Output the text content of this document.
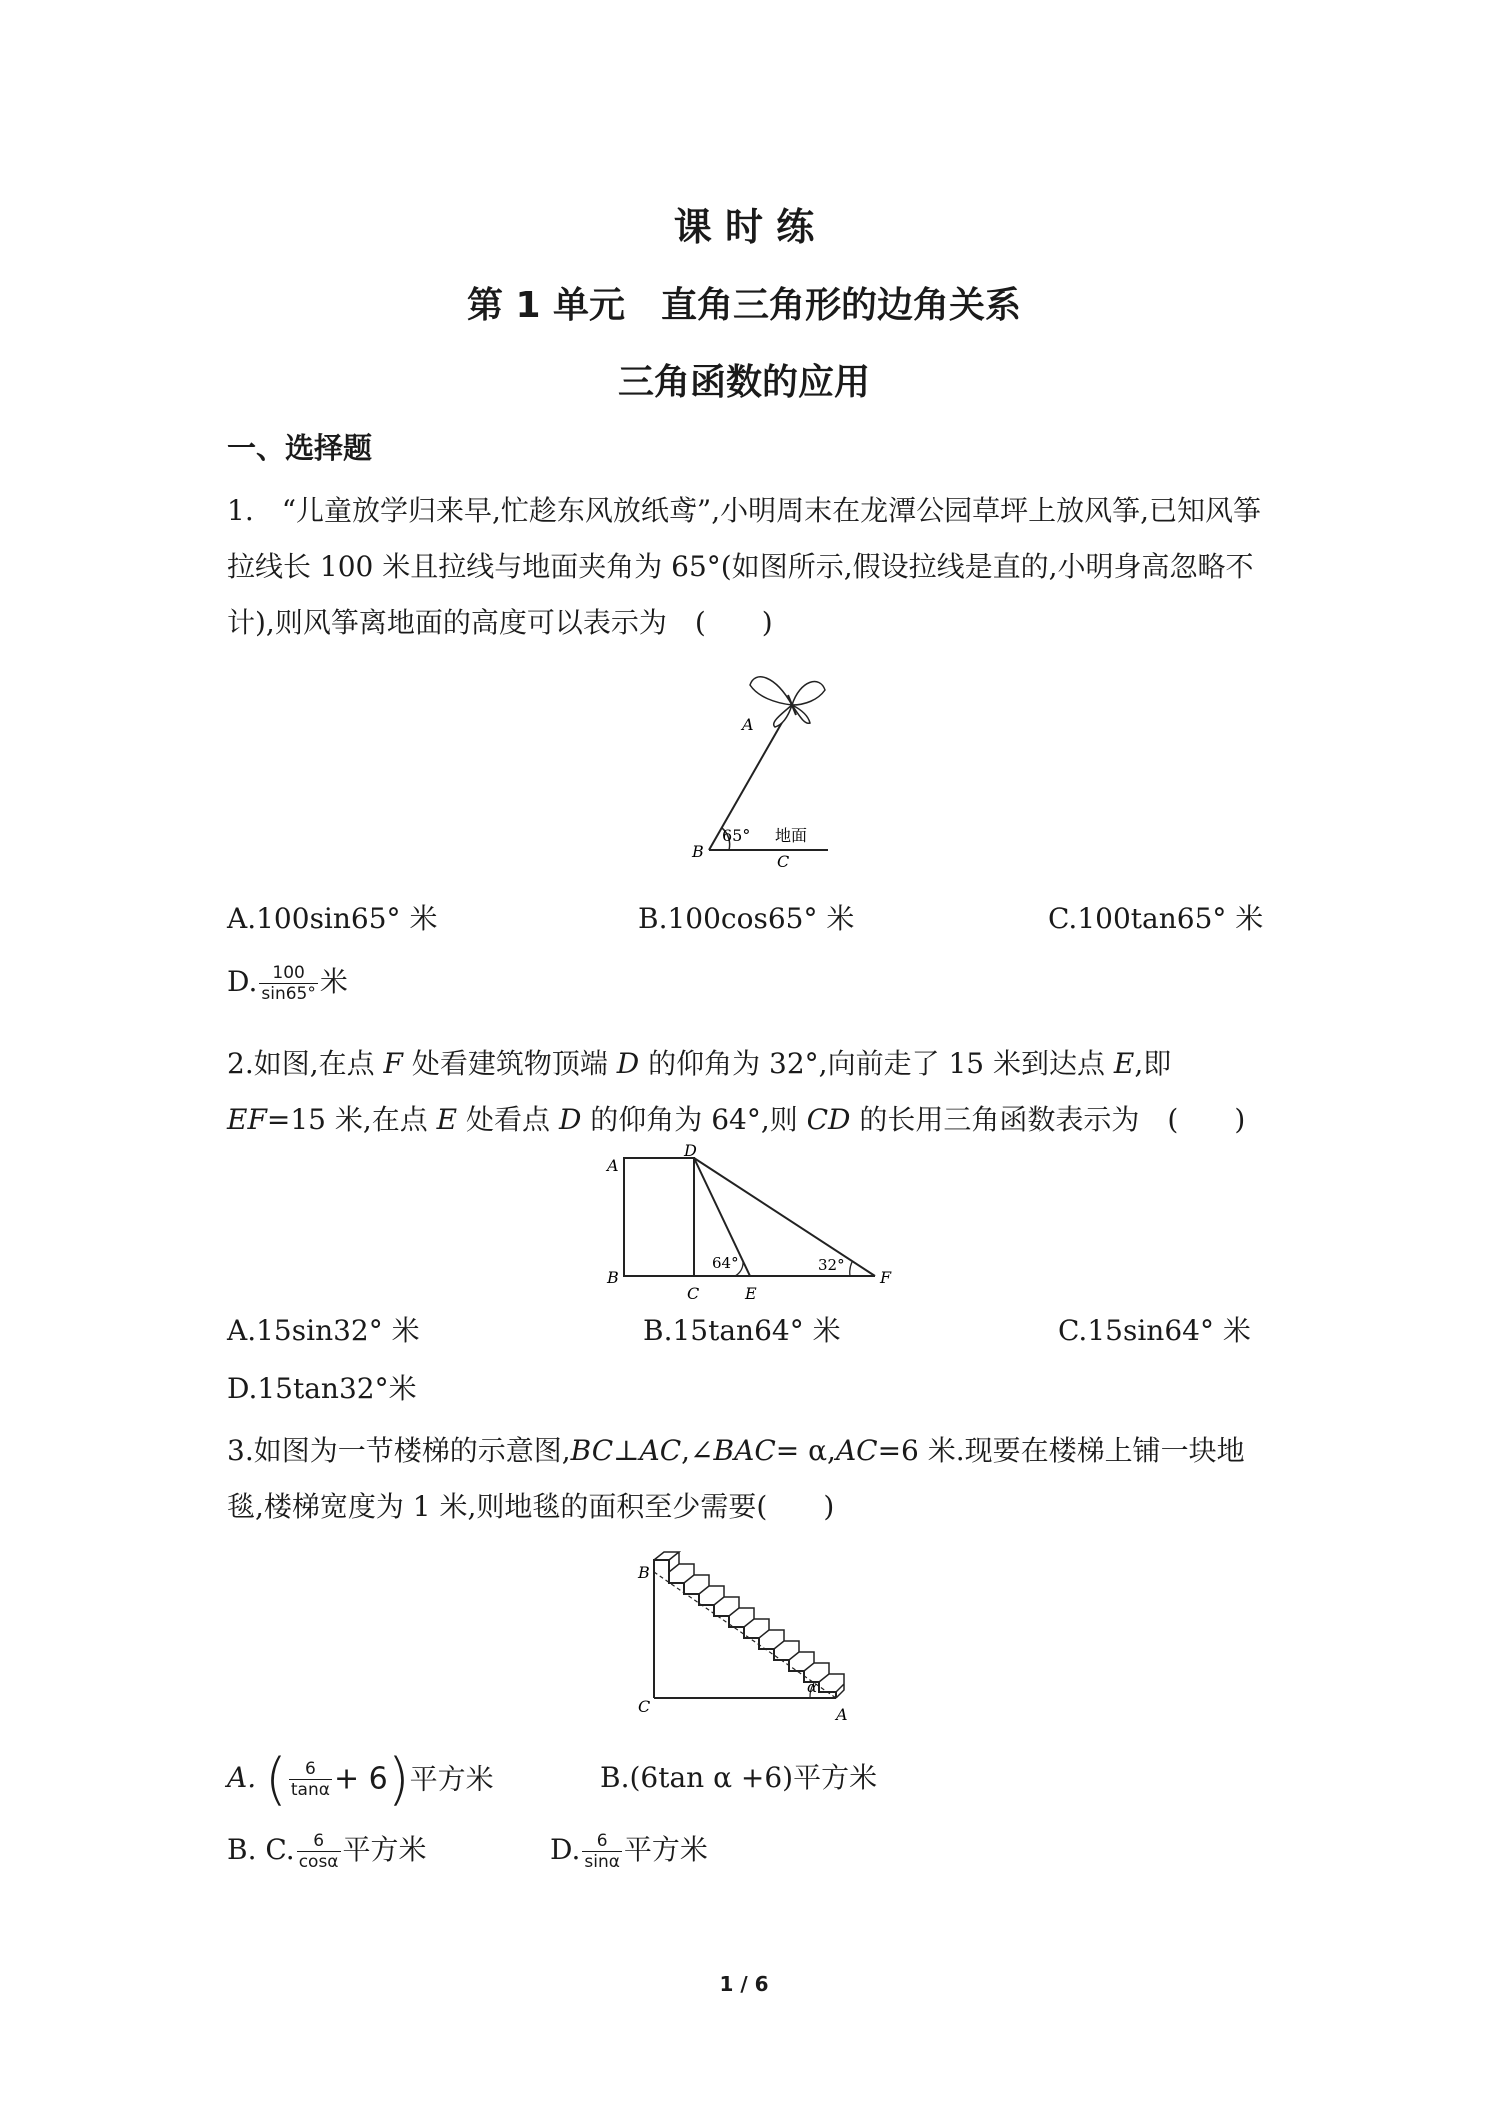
课 时 练
第 1 单元　直角三角形的边角关系
三角函数的应用
一、选择题
1.　“儿童放学归来早,忙趁东风放纸鸢”,小明周末在龙潭公园草坪上放风筝,已知风筝拉线长 100 米且拉线与地面夹角为 65°(如图所示,假设拉线是直的,小明身高忽略不计),则风筝离地面的高度可以表示为　(　　)
A
B
C
65° 地面
A.100sin65° 米	B.100cos65° 米	C.100tan65° 米
D. $\frac{100}{\sin 65^\circ}$ 米
2.如图,在点 F 处看建筑物顶端 D 的仰角为 32°,向前走了 15 米到达点 E,即 EF=15 米,在点 E 处看点 D 的仰角为 64°,则 CD 的长用三角函数表示为　(　　)
A
B
C
D
E
F
64°	32°
A.15sin32° 米	B.15tan64° 米	C.15sin64° 米
D.15tan32°米
3.如图为一节楼梯的示意图,BC⊥AC,∠BAC= α,AC=6 米.现要在楼梯上铺一块地毯,楼梯宽度为 1 米,则地毯的面积至少需要(　　)
B
C	A
α
A. ( $\frac{6}{\tan\alpha} + 6$)平方米	B.(6tan α +6)平方米
B. C. $\frac{6}{\cos\alpha}$ 平方米	D. $\frac{6}{\sin\alpha}$ 平方米
1 / 6
